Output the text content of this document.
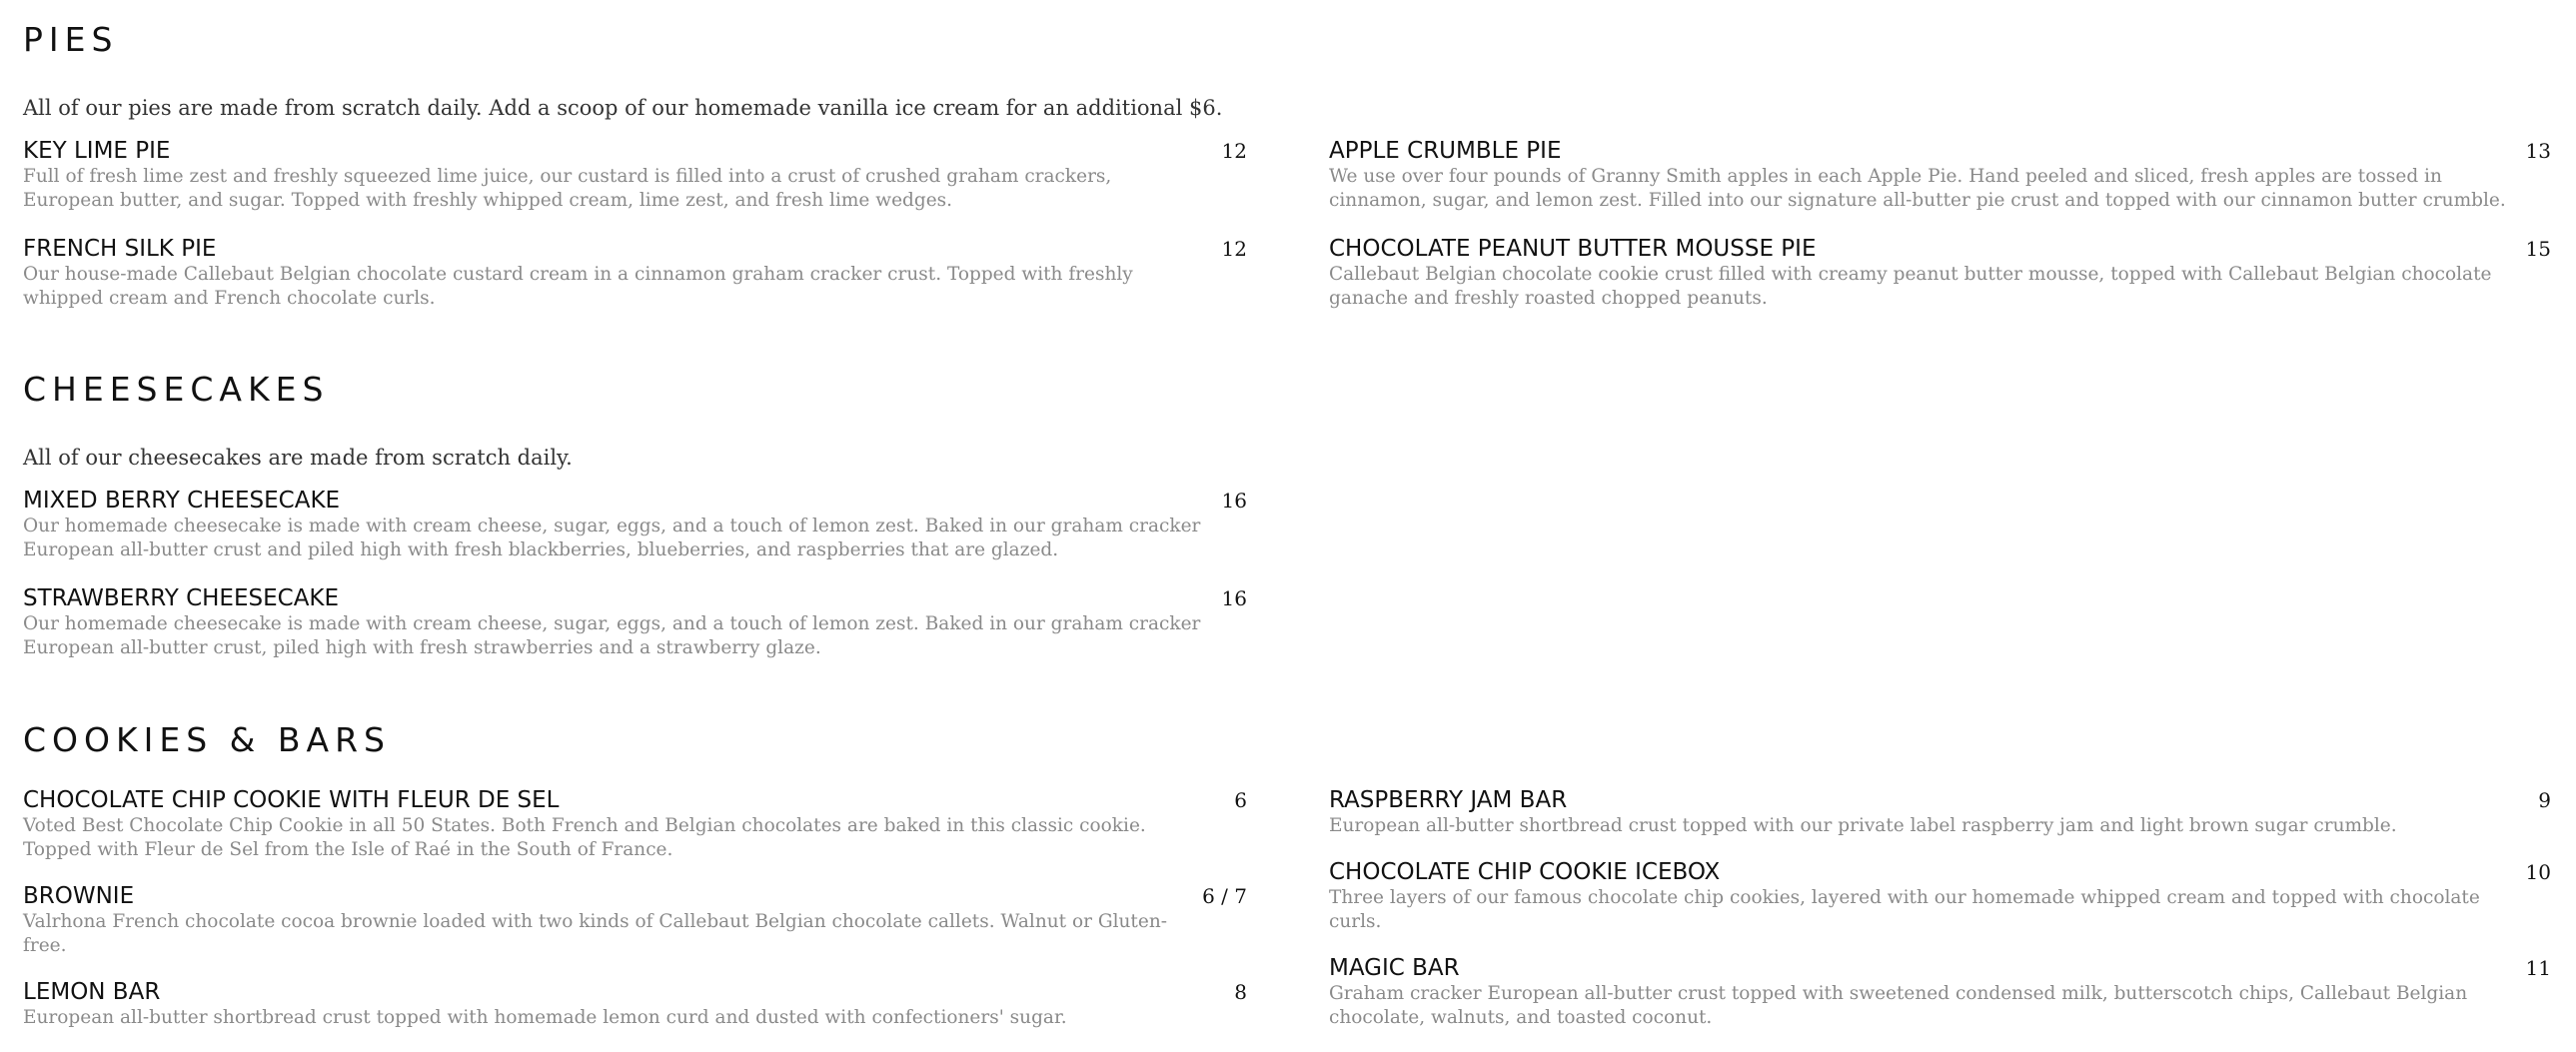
PIES

All of our pies are made from scratch daily. Add a scoop of our homemade vanilla ice cream for an additional $6.

KEY LIME PIE	12
Full of fresh lime zest and freshly squeezed lime juice, our custard is filled into a crust of crushed graham crackers, European butter, and sugar. Topped with freshly whipped cream, lime zest, and fresh lime wedges.
FRENCH SILK PIE	12
Our house-made Callebaut Belgian chocolate custard cream in a cinnamon graham cracker crust. Topped with freshly whipped cream and French chocolate curls.
APPLE CRUMBLE PIE	13
We use over four pounds of Granny Smith apples in each Apple Pie. Hand peeled and sliced, fresh apples are tossed in cinnamon, sugar, and lemon zest. Filled into our signature all-butter pie crust and topped with our cinnamon butter crumble.
CHOCOLATE PEANUT BUTTER MOUSSE PIE	15
Callebaut Belgian chocolate cookie crust filled with creamy peanut butter mousse, topped with Callebaut Belgian chocolate ganache and freshly roasted chopped peanuts.
CHEESECAKES

All of our cheesecakes are made from scratch daily.

MIXED BERRY CHEESECAKE	16
Our homemade cheesecake is made with cream cheese, sugar, eggs, and a touch of lemon zest. Baked in our graham cracker European all-butter crust and piled high with fresh blackberries, blueberries, and raspberries that are glazed.
STRAWBERRY CHEESECAKE	16
Our homemade cheesecake is made with cream cheese, sugar, eggs, and a touch of lemon zest. Baked in our graham cracker European all-butter crust, piled high with fresh strawberries and a strawberry glaze.
COOKIES & BARS
CHOCOLATE CHIP COOKIE WITH FLEUR DE SEL	6
Voted Best Chocolate Chip Cookie in all 50 States. Both French and Belgian chocolates are baked in this classic cookie. Topped with Fleur de Sel from the Isle of Raé in the South of France.
BROWNIE	6 / 7
Valrhona French chocolate cocoa brownie loaded with two kinds of Callebaut Belgian chocolate callets. Walnut or Gluten-free.
LEMON BAR	8
European all-butter shortbread crust topped with homemade lemon curd and dusted with confectioners' sugar.
RASPBERRY JAM BAR	9
European all-butter shortbread crust topped with our private label raspberry jam and light brown sugar crumble.
CHOCOLATE CHIP COOKIE ICEBOX	10
Three layers of our famous chocolate chip cookies, layered with our homemade whipped cream and topped with chocolate curls.
MAGIC BAR	11
Graham cracker European all-butter crust topped with sweetened condensed milk, butterscotch chips, Callebaut Belgian chocolate, walnuts, and toasted coconut.
